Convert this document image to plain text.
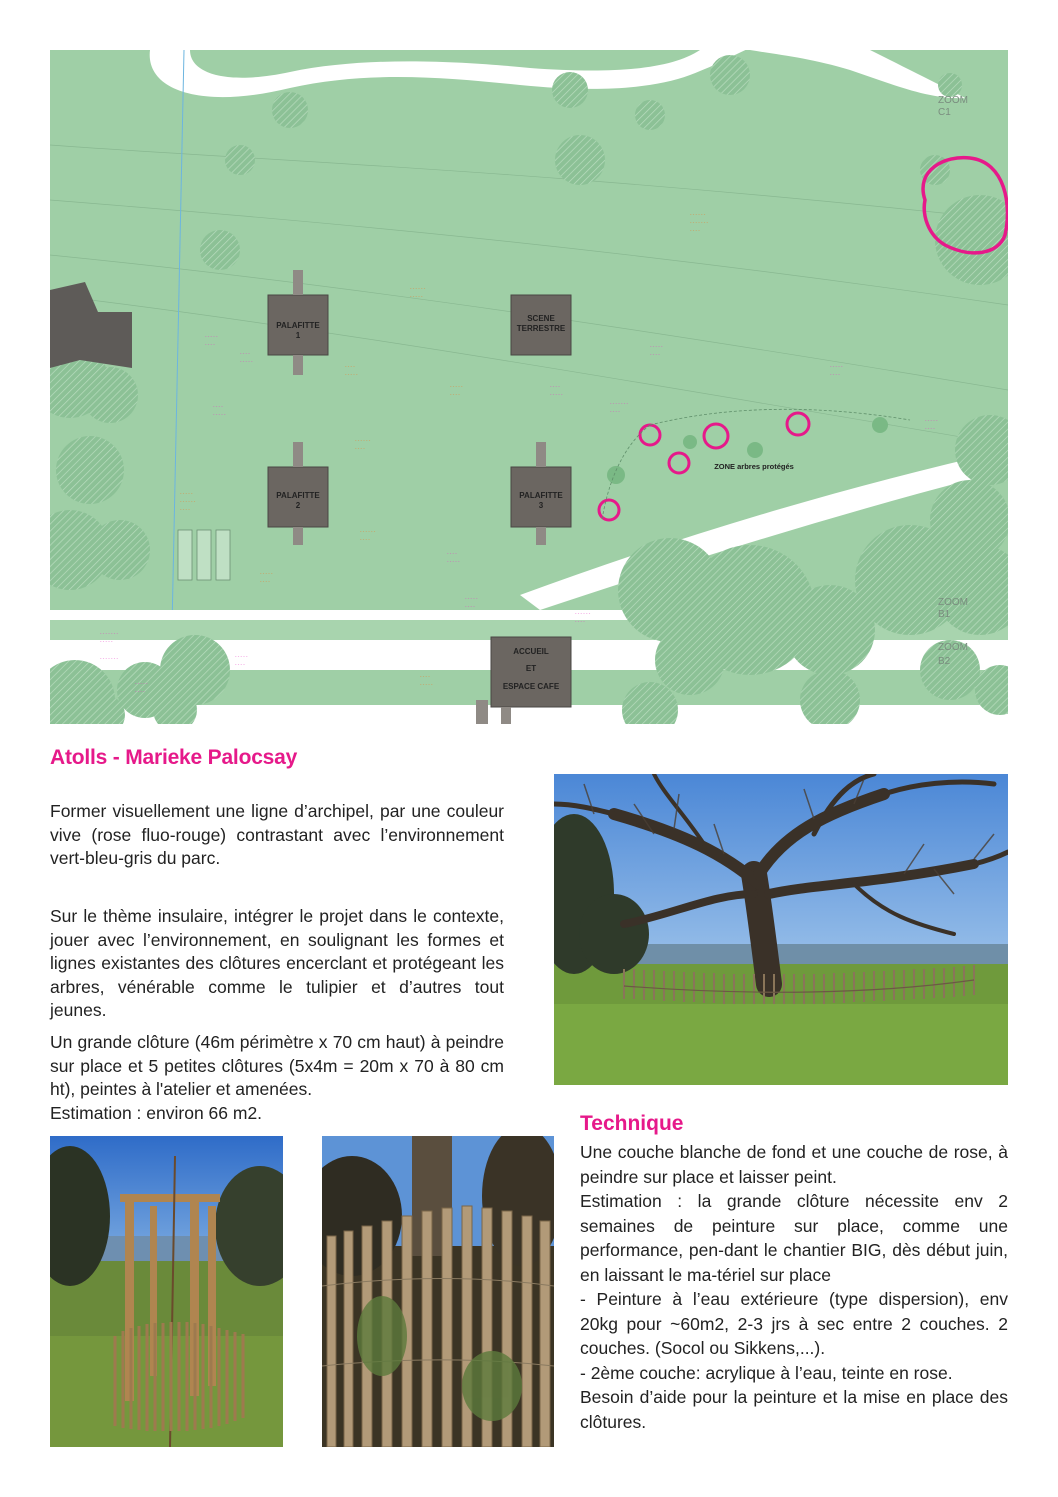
- - - - - -
- - - - - - -
- - - -
- - - - - -
- - - - -
- - - -
- - - - -
- - - - - -
- - - -
- - - - -
- - - - - -
- - - -
- - - - - -
- - - -
- - - - -
- - - -
- - - - -
- - - -
- - - -
- - - - -
- - - - -
- - - -
- - - -
- - - - -
- - - -
- - - - -
- - - - -
- - - -
- - - - -
- - - -
- - - -
- - - - -
- - - - - - -
- - - -
- - - - -
- - - -
- - - -
- - - - -
- - - - -
- - - -
- - - - - - -
- - - - -
- - - - - - -
- - - - -
- - - -
- - - - -
- - - -
- - - - - -
- - - -
PALAFITTE
1
SCENE
TERRESTRE
PALAFITTE
2
PALAFITTE
3
ACCUEIL
ET
ESPACE CAFE
ZONE arbres protégés
ZOOM
C1
ZOOM
B1
ZOOM
B2
Atolls - Marieke Palocsay

Former visuellement une ligne d’archipel, par une couleur vive (rose fluo-rouge) contrastant avec l’environnement vert-bleu-gris du parc.

Sur le thème insulaire, intégrer le projet dans le contexte, jouer avec l’environnement, en soulignant les formes et lignes existantes des clôtures encerclant et protégeant les arbres, vénérable comme le tulipier et d’autres tout jeunes.

Un grande clôture (46m périmètre x 70 cm haut) à peindre sur place et 5 petites clôtures (5x4m = 20m x 70 à 80 cm ht), peintes à l'atelier et amenées.

Estimation : environ 66 m2.	Technique

Une couche blanche de fond et une couche de rose, à peindre sur place et laisser peint.

Estimation : la grande clôture nécessite env 2 semaines de peinture sur place, comme une performance, pen-dant le chantier BIG, dès début juin, en laissant le ma-tériel sur place

- Peinture à l’eau extérieure (type dispersion), env 20kg pour ~60m2, 2-3 jrs à sec entre 2 couches. 2 couches. (Socol ou Sikkens,...).

- 2ème couche: acrylique à l’eau, teinte en rose.

Besoin d’aide pour la peinture et la mise en place des clôtures.
